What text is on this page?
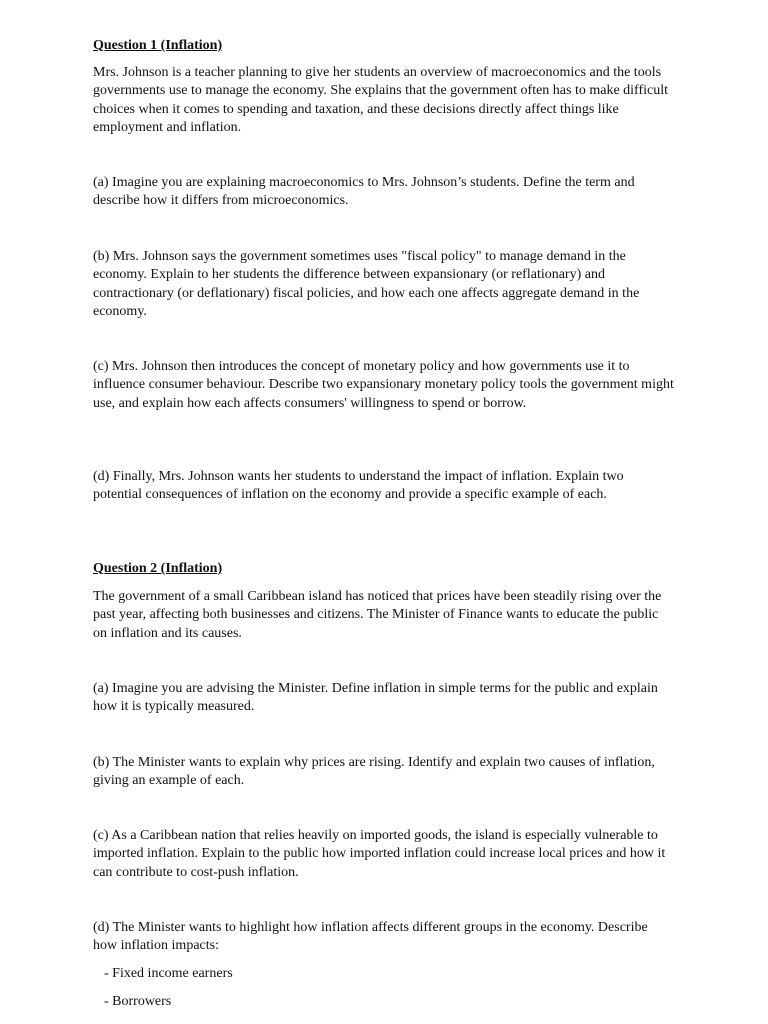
Question 1 (Inflation)

Mrs. Johnson is a teacher planning to give her students an overview of macroeconomics and the tools governments use to manage the economy. She explains that the government often has to make difficult choices when it comes to spending and taxation, and these decisions directly affect things like employment and inflation.

(a) Imagine you are explaining macroeconomics to Mrs. Johnson’s students. Define the term and describe how it differs from microeconomics.

(b) Mrs. Johnson says the government sometimes uses "fiscal policy" to manage demand in the economy. Explain to her students the difference between expansionary (or reflationary) and contractionary (or deflationary) fiscal policies, and how each one affects aggregate demand in the economy.

(c) Mrs. Johnson then introduces the concept of monetary policy and how governments use it to influence consumer behaviour. Describe two expansionary monetary policy tools the government might use, and explain how each affects consumers' willingness to spend or borrow.

(d) Finally, Mrs. Johnson wants her students to understand the impact of inflation. Explain two potential consequences of inflation on the economy and provide a specific example of each.

Question 2 (Inflation)

The government of a small Caribbean island has noticed that prices have been steadily rising over the past year, affecting both businesses and citizens. The Minister of Finance wants to educate the public on inflation and its causes.

(a) Imagine you are advising the Minister. Define inflation in simple terms for the public and explain how it is typically measured.

(b) The Minister wants to explain why prices are rising. Identify and explain two causes of inflation, giving an example of each.

(c) As a Caribbean nation that relies heavily on imported goods, the island is especially vulnerable to imported inflation. Explain to the public how imported inflation could increase local prices and how it can contribute to cost-push inflation.

(d) The Minister wants to highlight how inflation affects different groups in the economy. Describe how inflation impacts:

- Fixed income earners

- Borrowers
